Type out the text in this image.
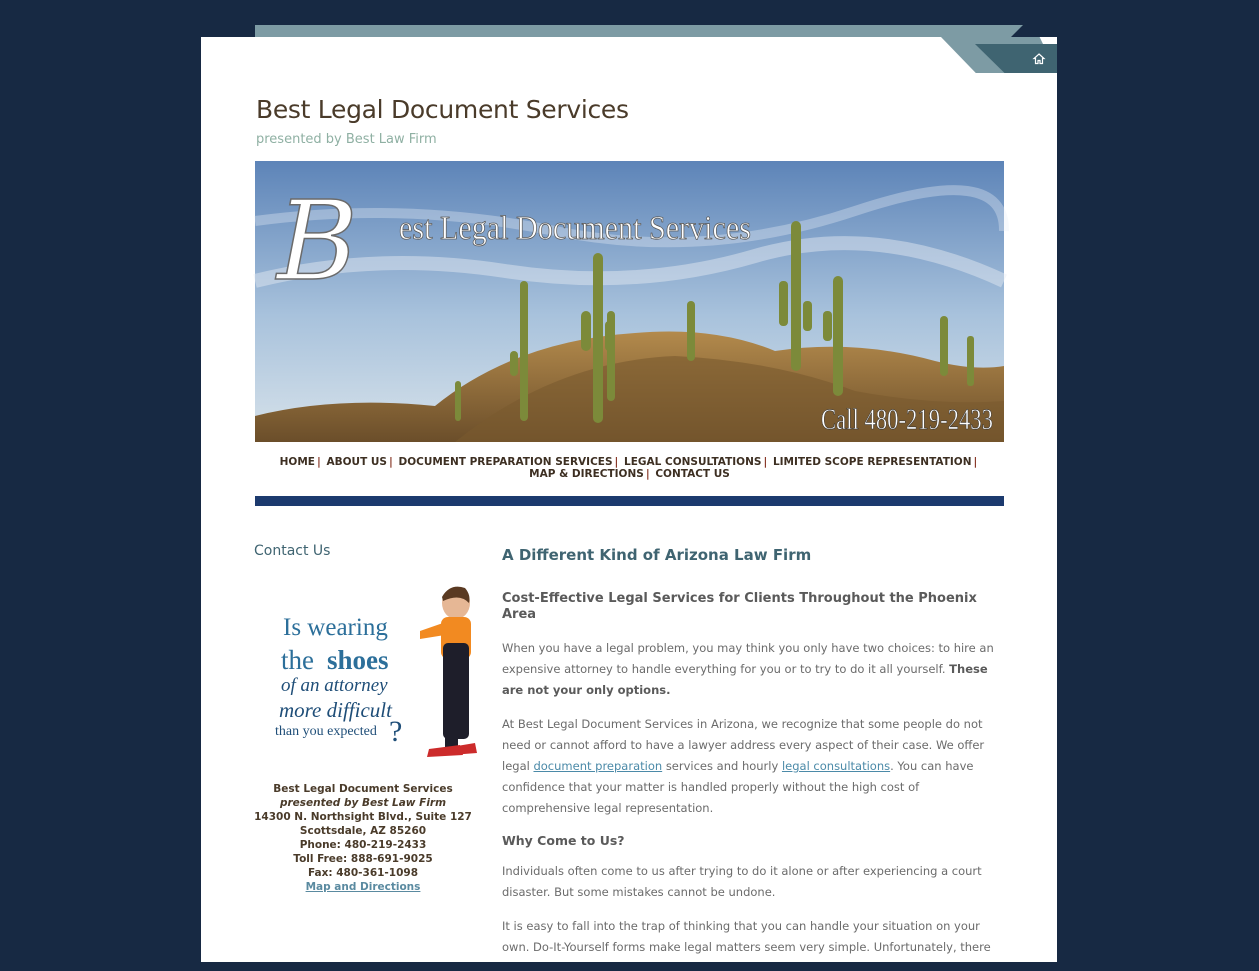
Best Legal Document Services
presented by Best Law Firm
B est Legal Document Services
Call 480-219-2433
HOME | ABOUT US | DOCUMENT PREPARATION SERVICES | LEGAL CONSULTATIONS | LIMITED SCOPE REPRESENTATION |
MAP & DIRECTIONS | CONTACT US
Contact Us
Is wearing
the shoes
of an attorney
more difficult
than you expected ?
Best Legal Document Services
presented by Best Law Firm
14300 N. Northsight Blvd., Suite 127
Scottsdale, AZ 85260
Phone: 480-219-2433
Toll Free: 888-691-9025
Fax: 480-361-1098
Map and Directions
A Different Kind of Arizona Law Firm
Cost-Effective Legal Services for Clients Throughout the Phoenix Area

When you have a legal problem, you may think you only have two choices: to hire an expensive attorney to handle everything for you or to try to do it all yourself. These are not your only options.

At Best Legal Document Services in Arizona, we recognize that some people do not need or cannot afford to have a lawyer address every aspect of their case. We offer legal document preparation services and hourly legal consultations. You can have confidence that your matter is handled properly without the high cost of comprehensive legal representation.

Why Come to Us?

Individuals often come to us after trying to do it alone or after experiencing a court disaster. But some mistakes cannot be undone.

It is easy to fall into the trap of thinking that you can handle your situation on your own. Do-It-Yourself forms make legal matters seem very simple. Unfortunately, there
